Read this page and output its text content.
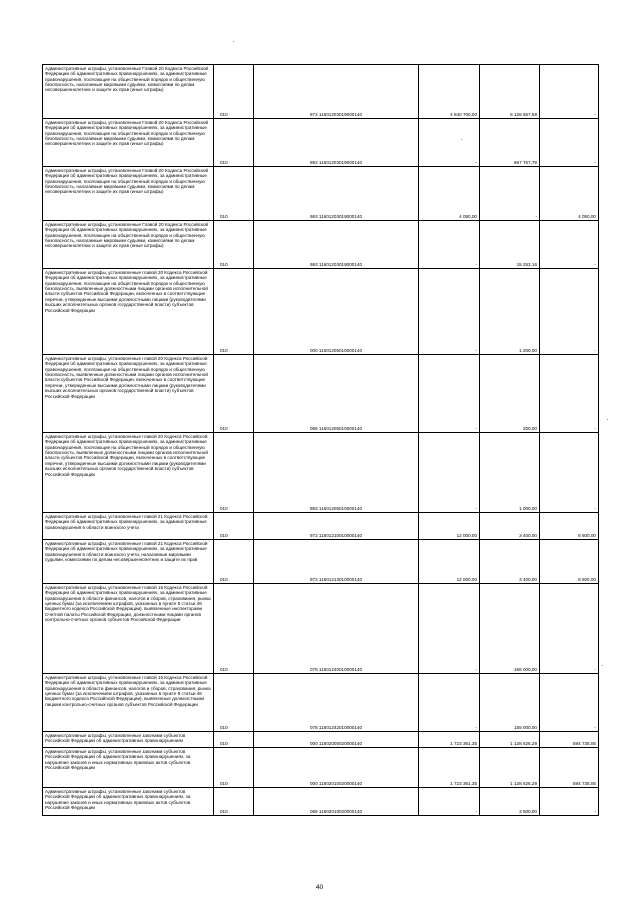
Административные штрафы, установленные Главой 20 Кодекса Российской Федерации об административных правонарушениях, за административные правонарушения, посягающие на общественный порядок и общественную безопасность, налагаемые мировыми судьями, комиссиями по делам несовершеннолетних и защите их прав (иные штрафы)	010	972 11601203019000140	4 840 700,00	5 128 657,59	-
Административные штрафы, установленные Главой 20 Кодекса Российской Федерации об административных правонарушениях, за административные правонарушения, посягающие на общественный порядок и общественную безопасность, налагаемые мировыми судьями, комиссиями по делам несовершеннолетних и защите их прав (иные штрафы)	010	982 11601203019000140	-	667 767,79	-
Административные штрафы, установленные Главой 20 Кодекса Российской Федерации об административных правонарушениях, за административные правонарушения, посягающие на общественный порядок и общественную безопасность, налагаемые мировыми судьями, комиссиями по делам несовершеннолетних и защите их прав (иные штрафы)	010	983 11601203019000140	4 050,00	-	4 050,00
Административные штрафы, установленные Главой 20 Кодекса Российской Федерации об административных правонарушениях, за административные правонарушения, посягающие на общественный порядок и общественную безопасность, налагаемые мировыми судьями, комиссиями по делам несовершеннолетних и защите их прав (иные штрафы)	010	993 11601203019000140	-	15 253,16	-
Административные штрафы, установленные главой 20 Кодекса Российской Федерации об административных правонарушениях, за административные правонарушения, посягающие на общественный порядок и общественную безопасность, выявленные должностными лицами органов исполнительной власти субъектов Российской Федерации, включенных в соответствующие перечни, утвержденные высшими должностными лицами (руководителями высших исполнительных органов государственной власти) субъектов Российской Федерации	010	000 11601205010000140	-	1 200,00	-
Административные штрафы, установленные главой 20 Кодекса Российской Федерации об административных правонарушениях, за административные правонарушения, посягающие на общественный порядок и общественную безопасность, выявленные должностными лицами органов исполнительной власти субъектов Российской Федерации, включенных в соответствующие перечни, утвержденные высшими должностными лицами (руководителями высших исполнительных органов государственной власти) субъектов Российской Федерации	010	068 11601205010000140	-	200,00	-
Административные штрафы, установленные главой 20 Кодекса Российской Федерации об административных правонарушениях, за административные правонарушения, посягающие на общественный порядок и общественную безопасность, выявленные должностными лицами органов исполнительной власти субъектов Российской Федерации, включенных в соответствующие перечни, утвержденные высшими должностными лицами (руководителями высших исполнительных органов государственной власти) субъектов Российской Федерации	010	993 11601205010000140	-	1 000,00	-
Административные штрафы, установленные главой 21 Кодекса Российской Федерации об административных правонарушениях, за административные правонарушения в области воинского учета	010	972 11601210010000140	12 000,00	3 400,00	8 600,00
Административные штрафы, установленные главой 21 Кодекса Российской Федерации об административных правонарушениях, за административные правонарушения в области воинского учета, налагаемые мировыми судьями, комиссиями по делам несовершеннолетних и защите их прав	010	972 11601213010000140	12 000,00	3 400,00	8 600,00
Административные штрафы, установленные главой 15 Кодекса Российской Федерации об административных правонарушениях, за административные правонарушения в области финансов, налогов и сборов, страхования, рынка ценных бумаг (за исключением штрафов, указанных в пункте 6 статьи 46 Бюджетного кодекса Российской Федерации), выявленные инспекторами Счетной палаты Российской Федерации, должностными лицами органов контрольно-счетных органов субъектов Российской Федерации	010	078 11601240010000140	-	155 000,00	-
Административные штрафы, установленные главой 15 Кодекса Российской Федерации об административных правонарушениях, за административные правонарушения в области финансов, налогов и сборов, страхования, рынка ценных бумаг (за исключением штрафов, указанных в пункте 6 статьи 46 Бюджетного кодекса Российской Федерации), выявленные должностными лицами контрольно-счетных органов субъектов Российской Федерации	010	078 11601242010000140	-	155 000,00	-
Административные штрафы, установленные законами субъектов Российской Федерации об административных правонарушениях	010	000 11602000020000140	1 723 361,35	1 128 626,29	594 735,06
Административные штрафы, установленные законами субъектов Российской Федерации об административных правонарушениях, за нарушение законов и иных нормативных правовых актов субъектов Российской Федерации	010	000 11602010020000140	1 723 361,35	1 128 626,29	594 735,06
Административные штрафы, установленные законами субъектов Российской Федерации об административных правонарушениях, за нарушение законов и иных нормативных правовых актов субъектов Российской Федерации	010	068 11602010020000140	-	3 500,00	-
40
